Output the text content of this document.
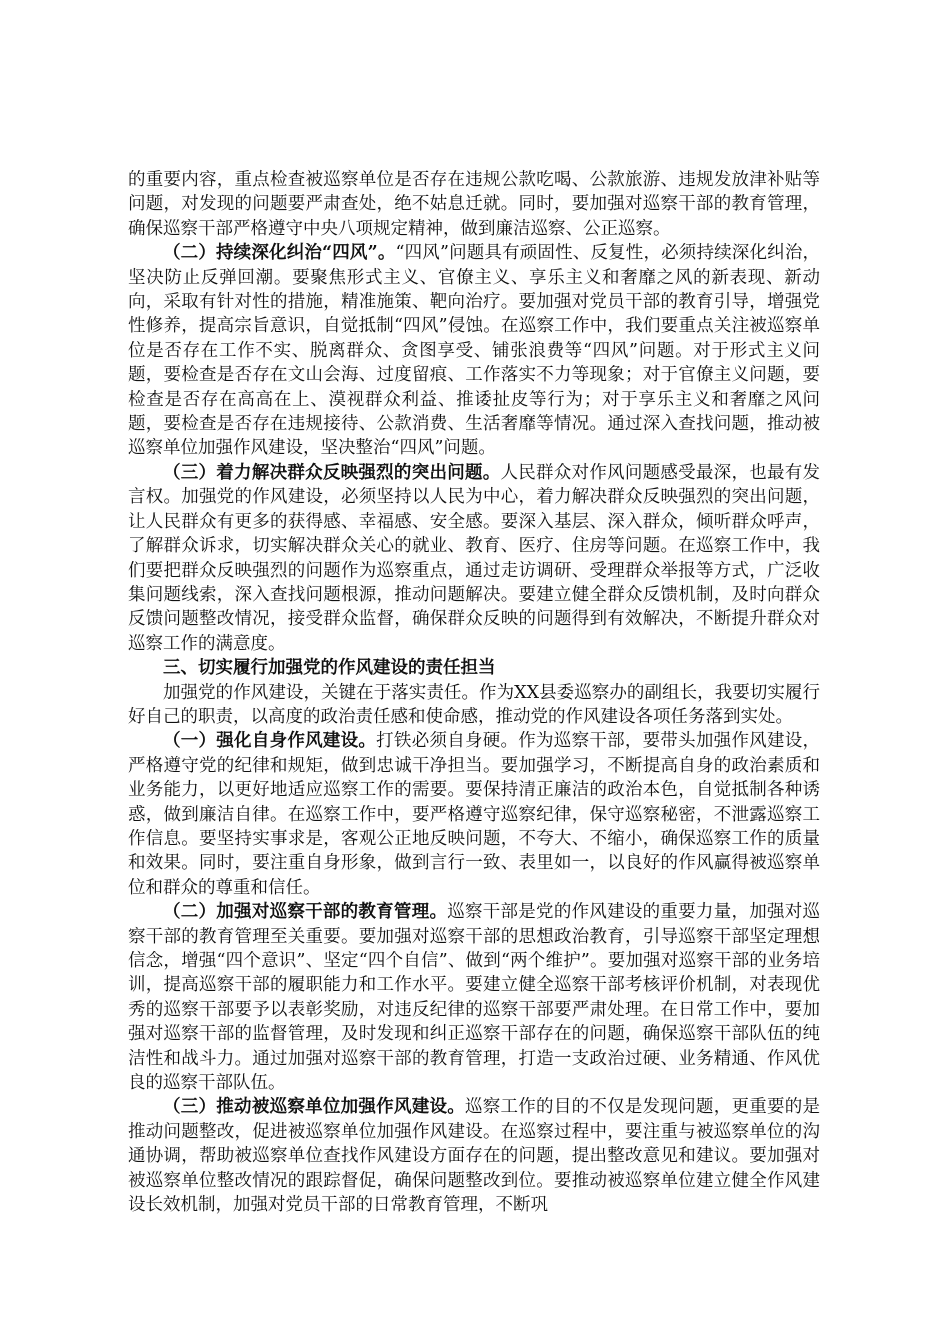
的重要内容，重点检查被巡察单位是否存在违规公款吃喝、公款旅游、违规发放津补贴等问题，对发现的问题要严肃查处，绝不姑息迁就。同时，要加强对巡察干部的教育管理，确保巡察干部严格遵守中央八项规定精神，做到廉洁巡察、公正巡察。

（二）持续深化纠治“四风”。“四风”问题具有顽固性、反复性，必须持续深化纠治，坚决防止反弹回潮。要聚焦形式主义、官僚主义、享乐主义和奢靡之风的新表现、新动向，采取有针对性的措施，精准施策、靶向治疗。要加强对党员干部的教育引导，增强党性修养，提高宗旨意识，自觉抵制“四风”侵蚀。在巡察工作中，我们要重点关注被巡察单位是否存在工作不实、脱离群众、贪图享受、铺张浪费等“四风”问题。对于形式主义问题，要检查是否存在文山会海、过度留痕、工作落实不力等现象；对于官僚主义问题，要检查是否存在高高在上、漠视群众利益、推诿扯皮等行为；对于享乐主义和奢靡之风问题，要检查是否存在违规接待、公款消费、生活奢靡等情况。通过深入查找问题，推动被巡察单位加强作风建设，坚决整治“四风”问题。

（三）着力解决群众反映强烈的突出问题。人民群众对作风问题感受最深，也最有发言权。加强党的作风建设，必须坚持以人民为中心，着力解决群众反映强烈的突出问题，让人民群众有更多的获得感、幸福感、安全感。要深入基层、深入群众，倾听群众呼声，了解群众诉求，切实解决群众关心的就业、教育、医疗、住房等问题。在巡察工作中，我们要把群众反映强烈的问题作为巡察重点，通过走访调研、受理群众举报等方式，广泛收集问题线索，深入查找问题根源，推动问题解决。要建立健全群众反馈机制，及时向群众反馈问题整改情况，接受群众监督，确保群众反映的问题得到有效解决，不断提升群众对巡察工作的满意度。

三、切实履行加强党的作风建设的责任担当

加强党的作风建设，关键在于落实责任。作为XX县委巡察办的副组长，我要切实履行好自己的职责，以高度的政治责任感和使命感，推动党的作风建设各项任务落到实处。

（一）强化自身作风建设。打铁必须自身硬。作为巡察干部，要带头加强作风建设，严格遵守党的纪律和规矩，做到忠诚干净担当。要加强学习，不断提高自身的政治素质和业务能力，以更好地适应巡察工作的需要。要保持清正廉洁的政治本色，自觉抵制各种诱惑，做到廉洁自律。在巡察工作中，要严格遵守巡察纪律，保守巡察秘密，不泄露巡察工作信息。要坚持实事求是，客观公正地反映问题，不夸大、不缩小，确保巡察工作的质量和效果。同时，要注重自身形象，做到言行一致、表里如一，以良好的作风赢得被巡察单位和群众的尊重和信任。

（二）加强对巡察干部的教育管理。巡察干部是党的作风建设的重要力量，加强对巡察干部的教育管理至关重要。要加强对巡察干部的思想政治教育，引导巡察干部坚定理想信念，增强“四个意识”、坚定“四个自信”、做到“两个维护”。要加强对巡察干部的业务培训，提高巡察干部的履职能力和工作水平。要建立健全巡察干部考核评价机制，对表现优秀的巡察干部要予以表彰奖励，对违反纪律的巡察干部要严肃处理。在日常工作中，要加强对巡察干部的监督管理，及时发现和纠正巡察干部存在的问题，确保巡察干部队伍的纯洁性和战斗力。通过加强对巡察干部的教育管理，打造一支政治过硬、业务精通、作风优良的巡察干部队伍。

（三）推动被巡察单位加强作风建设。巡察工作的目的不仅是发现问题，更重要的是推动问题整改，促进被巡察单位加强作风建设。在巡察过程中，要注重与被巡察单位的沟通协调，帮助被巡察单位查找作风建设方面存在的问题，提出整改意见和建议。要加强对被巡察单位整改情况的跟踪督促，确保问题整改到位。要推动被巡察单位建立健全作风建设长效机制，加强对党员干部的日常教育管理，不断巩
